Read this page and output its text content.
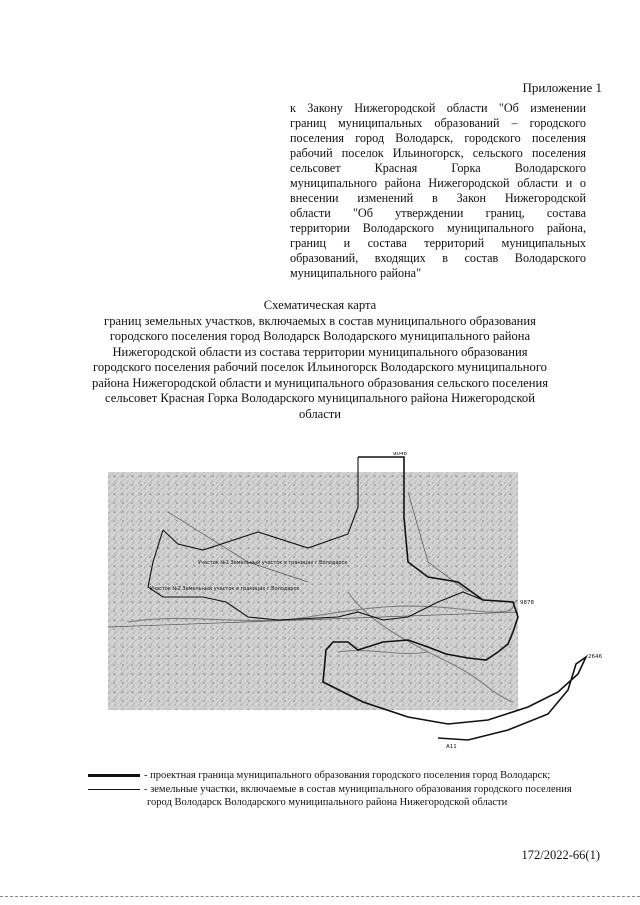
Приложение 1
к Закону Нижегородской области "Об изменении
границ муниципальных образований – городского
поселения город Володарск, городского поселения
рабочий поселок Ильиногорск, сельского поселения
сельсовет Красная Горка Володарского
муниципального района Нижегородской области и о
внесении изменений в Закон Нижегородской
области "Об утверждении границ, состава
территории Володарского муниципального района,
границ и состава территорий муниципальных
образований, входящих в состав Володарского
муниципального района"
Схематическая карта
границ земельных участков, включаемых в состав муниципального образования
городского поселения город Володарск Володарского муниципального района
Нижегородской области из состава территории муниципального образования
городского поселения рабочий поселок Ильиногорск Володарского муниципального
района Нижегородской области и муниципального образования сельского поселения
сельсовет Красная Горка Володарского муниципального района Нижегородской
области
Участок №1 Земельный участок в границах г.Володарск
Участок №2 Земельный участок в границах г.Володарск
9048
9878
2646
A11
- проектная граница муниципального образования городского поселения город Володарск;
- земельные участки, включаемые в состав муниципального образования городского поселения
город Володарск Володарского муниципального района Нижегородской области
172/2022-66(1)
